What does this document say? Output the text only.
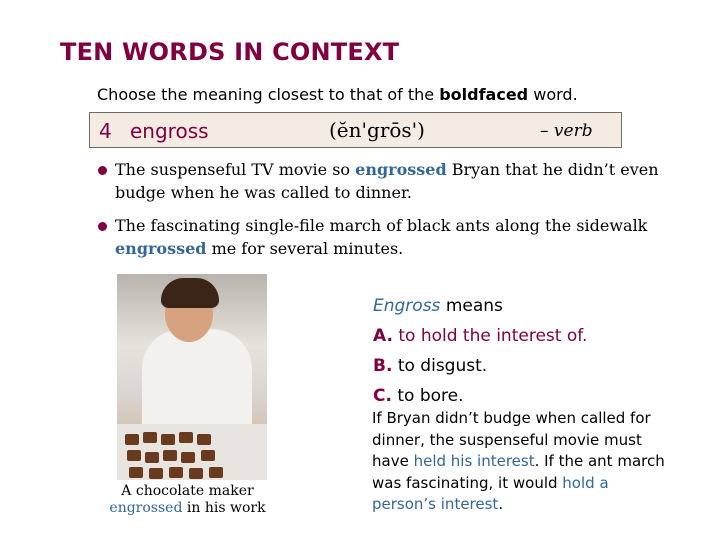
TEN WORDS IN CONTEXT
Choose the meaning closest to that of the boldfaced word.
4 engross	(ĕn'grōs')	– verb
The suspenseful TV movie so engrossed Bryan that he didn’t even budge when he was called to dinner.
The fascinating single-file march of black ants along the sidewalk engrossed me for several minutes.
A chocolate maker
engrossed in his work
Engross means
A. to hold the interest of.
B. to disgust.
C. to bore.
If Bryan didn’t budge when called for dinner, the suspenseful movie must have held his interest. If the ant march was fascinating, it would hold a person’s interest.
